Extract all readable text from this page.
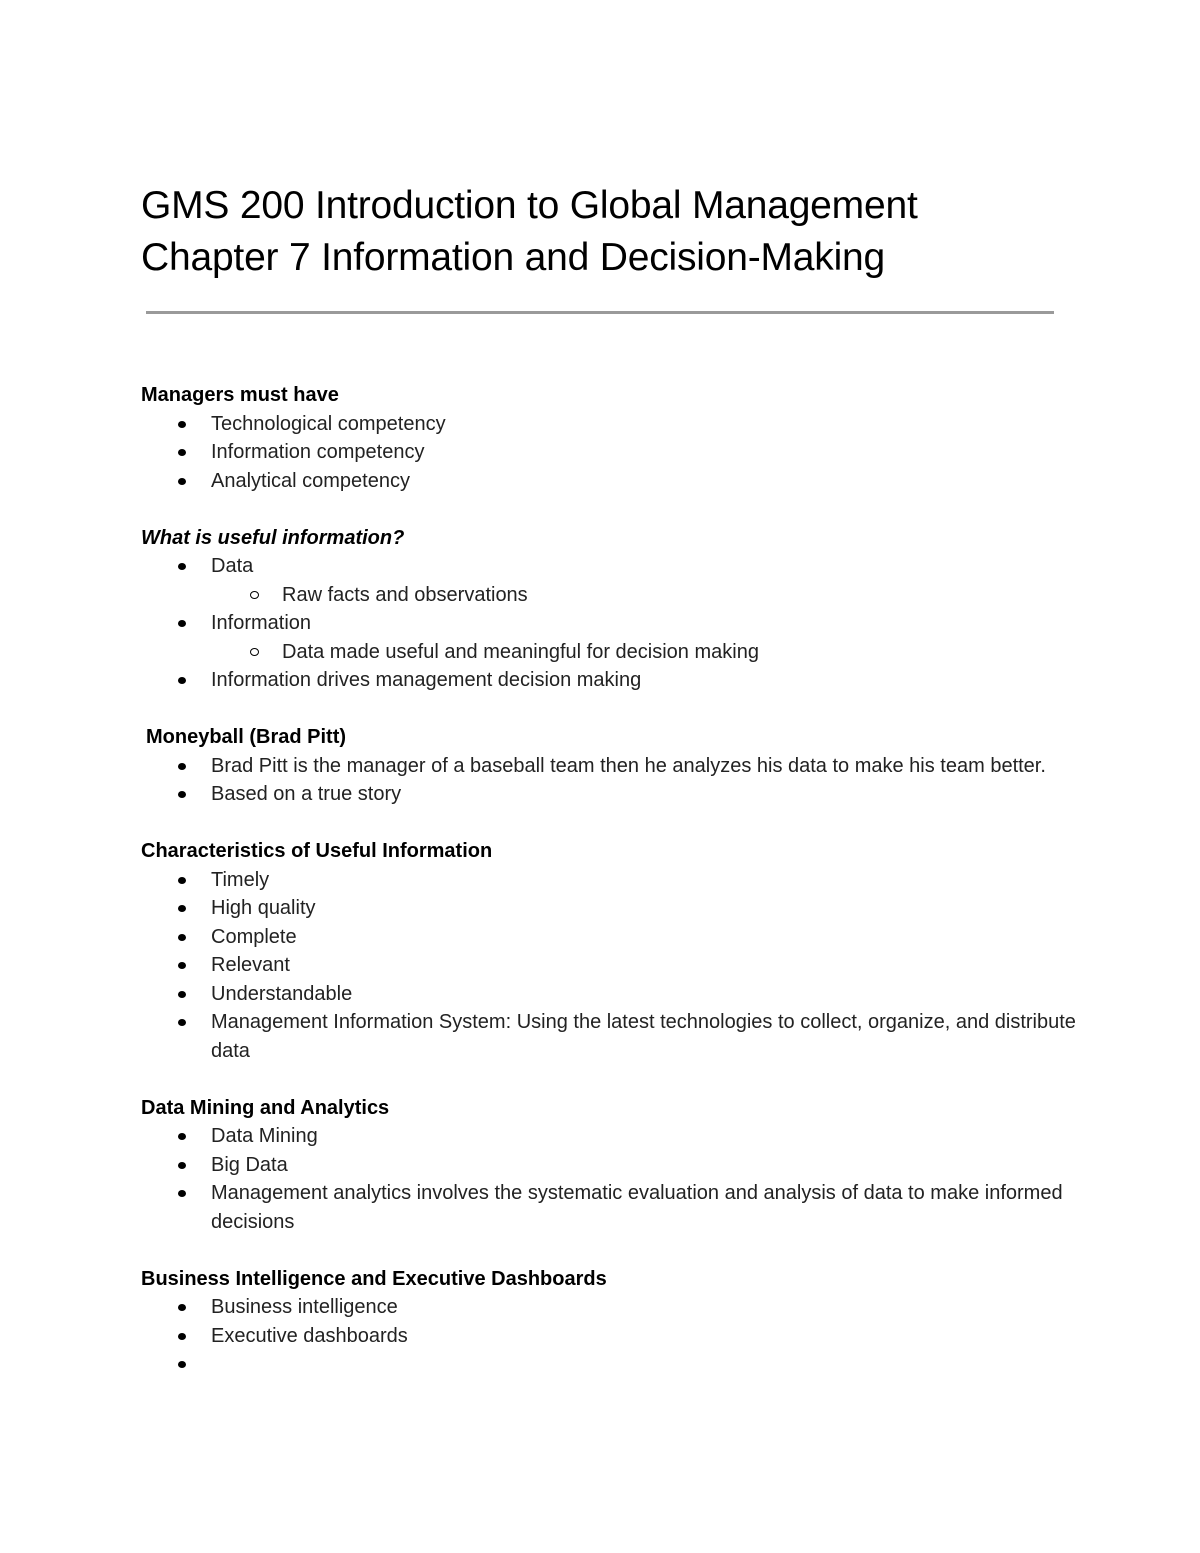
GMS 200 Introduction to Global Management
Chapter 7 Information and Decision-Making

Managers must have

Technological competency
Information competency
Analytical competency

What is useful information?

Data
Raw facts and observations
Information
Data made useful and meaningful for decision making
Information drives management decision making

Moneyball (Brad Pitt)

Brad Pitt is the manager of a baseball team then he analyzes his data to make his team better.
Based on a true story

Characteristics of Useful Information

Timely
High quality
Complete
Relevant
Understandable
Management Information System: Using the latest technologies to collect, organize, and distribute data

Data Mining and Analytics

Data Mining
Big Data
Management analytics involves the systematic evaluation and analysis of data to make informed decisions

Business Intelligence and Executive Dashboards

Business intelligence
Executive dashboards
